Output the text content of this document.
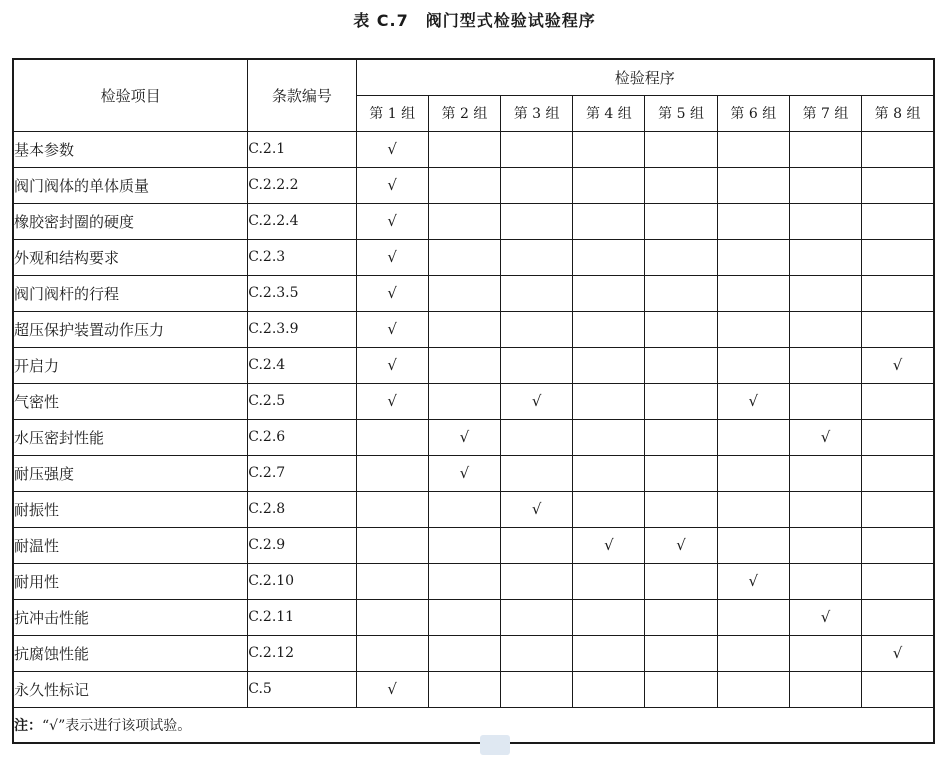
表 C.7　阀门型式检验试验程序
检验项目	条款编号	检验程序							
		第 1 组	第 2 组	第 3 组	第 4 组	第 5 组	第 6 组	第 7 组	第 8 组
基本参数	C.2.1	√							
阀门阀体的单体质量	C.2.2.2	√							
橡胶密封圈的硬度	C.2.2.4	√							
外观和结构要求	C.2.3	√							
阀门阀杆的行程	C.2.3.5	√							
超压保护装置动作压力	C.2.3.9	√							
开启力	C.2.4	√							√
气密性	C.2.5	√		√			√		
水压密封性能	C.2.6		√					√	
耐压强度	C.2.7		√						
耐振性	C.2.8			√					
耐温性	C.2.9				√	√			
耐用性	C.2.10						√		
抗冲击性能	C.2.11							√	
抗腐蚀性能	C.2.12								√
永久性标记	C.5	√							
注：“√”表示进行该项试验。									
